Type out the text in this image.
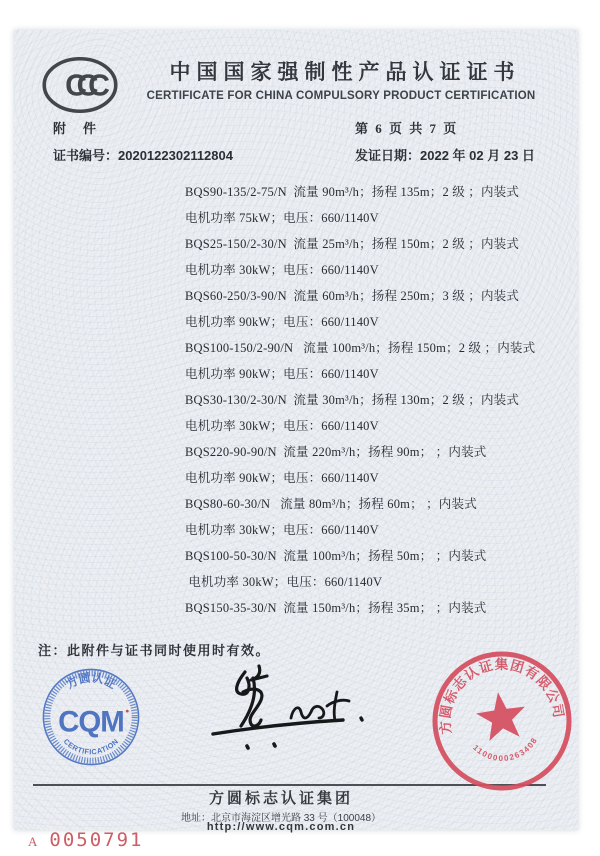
CCC	中国国家强制性产品认证证书
CERTIFICATE FOR CHINA COMPULSORY PRODUCT CERTIFICATION
附　件	第 6 页 共 7 页
证书编号：2020122302112804	发证日期：2022 年 02 月 23 日
BQS90-135/2-75/N  流量 90m³/h；扬程 135m；2 级 ；内装式
电机功率 75kW；电压：660/1140V
BQS25-150/2-30/N  流量 25m³/h；扬程 150m；2 级 ；内装式
电机功率 30kW；电压：660/1140V
BQS60-250/3-90/N  流量 60m³/h；扬程 250m；3 级 ；内装式
电机功率 90kW；电压：660/1140V
BQS100-150/2-90/N   流量 100m³/h；扬程 150m；2 级 ；内装式
电机功率 90kW；电压：660/1140V
BQS30-130/2-30/N  流量 30m³/h；扬程 130m；2 级 ；内装式
电机功率 30kW；电压：660/1140V
BQS220-90-90/N  流量 220m³/h；扬程 90m； ；内装式
电机功率 90kW；电压：660/1140V
BQS80-60-30/N   流量 80m³/h；扬程 60m； ；内装式
电机功率 30kW；电压：660/1140V
BQS100-50-30/N  流量 100m³/h；扬程 50m； ；内装式
电机功率 30kW；电压：660/1140V
BQS150-35-30/N  流量 150m³/h；扬程 35m； ；内装式
注：此附件与证书同时使用时有效。
方圆认证
CQM
CERTIFICATION
方圆标志认证集团有限公司
1100000263408
方圆标志认证集团
地址：北京市海淀区增光路 33 号（100048）
http://www.cqm.com.cn
A 0050791
